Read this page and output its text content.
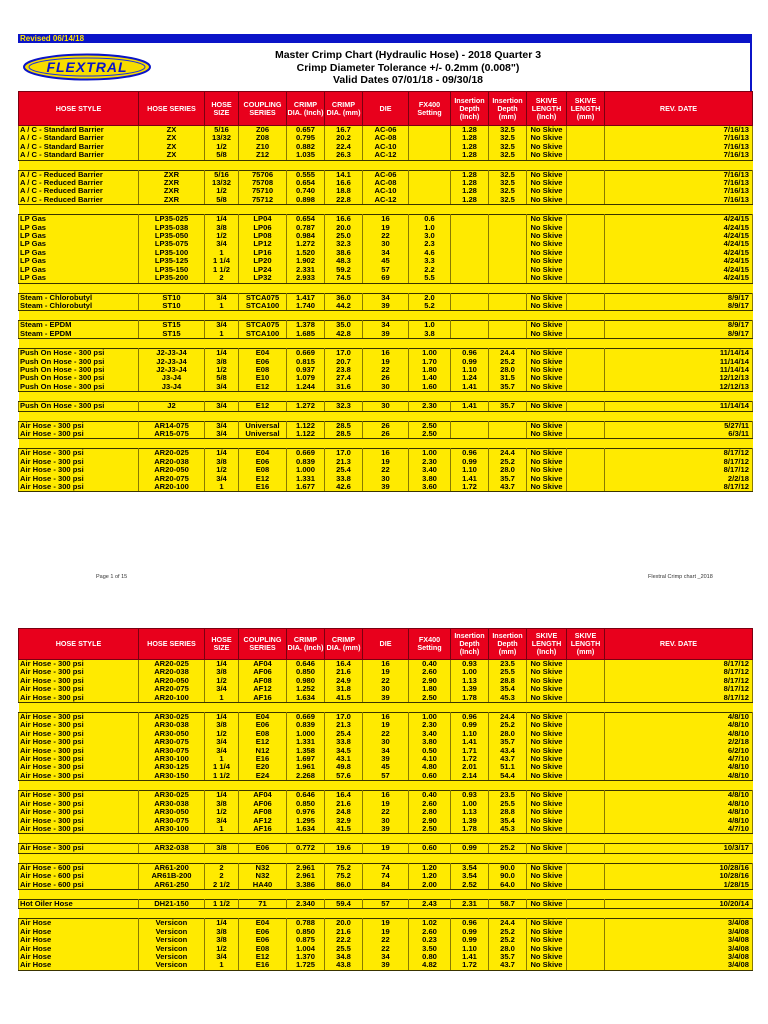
Revised 06/14/18
FLEXTRAL
Master Crimp Chart (Hydraulic Hose) - 2018 Quarter 3
Crimp Diameter Tolerance +/- 0.2mm (0.008")
Valid Dates 07/01/18 - 09/30/18
HOSE STYLE	HOSE SERIES	HOSE SIZE	COUPLING SERIES	CRIMP DIA. (Inch)	CRIMP DIA. (mm)	DIE	FX400 Setting	Insertion Depth (Inch)	Insertion Depth (mm)	SKIVE LENGTH (Inch)	SKIVE LENGTH (mm)	REV. DATE
A / C - Standard Barrier	ZX	5/16	Z06	0.657	16.7	AC-06		1.28	32.5	No Skive		7/16/13
A / C - Standard Barrier	ZX	13/32	Z08	0.795	20.2	AC-08		1.28	32.5	No Skive		7/16/13
A / C - Standard Barrier	ZX	1/2	Z10	0.882	22.4	AC-10		1.28	32.5	No Skive		7/16/13
A / C - Standard Barrier	ZX	5/8	Z12	1.035	26.3	AC-12		1.28	32.5	No Skive		7/16/13

A / C - Reduced Barrier	ZXR	5/16	75706	0.555	14.1	AC-06		1.28	32.5	No Skive		7/16/13
A / C - Reduced Barrier	ZXR	13/32	75708	0.654	16.6	AC-08		1.28	32.5	No Skive		7/16/13
A / C - Reduced Barrier	ZXR	1/2	75710	0.740	18.8	AC-10		1.28	32.5	No Skive		7/16/13
A / C - Reduced Barrier	ZXR	5/8	75712	0.898	22.8	AC-12		1.28	32.5	No Skive		7/16/13

LP Gas	LP35-025	1/4	LP04	0.654	16.6	16	0.6			No Skive		4/24/15
LP Gas	LP35-038	3/8	LP06	0.787	20.0	19	1.0			No Skive		4/24/15
LP Gas	LP35-050	1/2	LP08	0.984	25.0	22	3.0			No Skive		4/24/15
LP Gas	LP35-075	3/4	LP12	1.272	32.3	30	2.3			No Skive		4/24/15
LP Gas	LP35-100	1	LP16	1.520	38.6	34	4.6			No Skive		4/24/15
LP Gas	LP35-125	1 1/4	LP20	1.902	48.3	45	3.3			No Skive		4/24/15
LP Gas	LP35-150	1 1/2	LP24	2.331	59.2	57	2.2			No Skive		4/24/15
LP Gas	LP35-200	2	LP32	2.933	74.5	69	5.5			No Skive		4/24/15

Steam - Chlorobutyl	ST10	3/4	STCA075	1.417	36.0	34	2.0			No Skive		8/9/17
Steam - Chlorobutyl	ST10	1	STCA100	1.740	44.2	39	5.2			No Skive		8/9/17

Steam - EPDM	ST15	3/4	STCA075	1.378	35.0	34	1.0			No Skive		8/9/17
Steam - EPDM	ST15	1	STCA100	1.685	42.8	39	3.8			No Skive		8/9/17

Push On Hose - 300 psi	J2-J3-J4	1/4	E04	0.669	17.0	16	1.00	0.96	24.4	No Skive		11/14/14
Push On Hose - 300 psi	J2-J3-J4	3/8	E06	0.815	20.7	19	1.70	0.99	25.2	No Skive		11/14/14
Push On Hose - 300 psi	J2-J3-J4	1/2	E08	0.937	23.8	22	1.80	1.10	28.0	No Skive		11/14/14
Push On Hose - 300 psi	J3-J4	5/8	E10	1.079	27.4	26	1.40	1.24	31.5	No Skive		12/12/13
Push On Hose - 300 psi	J3-J4	3/4	E12	1.244	31.6	30	1.60	1.41	35.7	No Skive		12/12/13

Push On Hose - 300 psi	J2	3/4	E12	1.272	32.3	30	2.30	1.41	35.7	No Skive		11/14/14

Air Hose - 300 psi	AR14-075	3/4	Universal	1.122	28.5	26	2.50			No Skive		5/27/11
Air Hose - 300 psi	AR15-075	3/4	Universal	1.122	28.5	26	2.50			No Skive		6/3/11

Air Hose - 300 psi	AR20-025	1/4	E04	0.669	17.0	16	1.00	0.96	24.4	No Skive		8/17/12
Air Hose - 300 psi	AR20-038	3/8	E06	0.839	21.3	19	2.30	0.99	25.2	No Skive		8/17/12
Air Hose - 300 psi	AR20-050	1/2	E08	1.000	25.4	22	3.40	1.10	28.0	No Skive		8/17/12
Air Hose - 300 psi	AR20-075	3/4	E12	1.331	33.8	30	3.80	1.41	35.7	No Skive		2/2/18
Air Hose - 300 psi	AR20-100	1	E16	1.677	42.6	39	3.60	1.72	43.7	No Skive		8/17/12
Page 1 of 15	Flextral Crimp chart _2018
HOSE STYLE	HOSE SERIES	HOSE SIZE	COUPLING SERIES	CRIMP DIA. (Inch)	CRIMP DIA. (mm)	DIE	FX400 Setting	Insertion Depth (Inch)	Insertion Depth (mm)	SKIVE LENGTH (Inch)	SKIVE LENGTH (mm)	REV. DATE
Air Hose - 300 psi	AR20-025	1/4	AF04	0.646	16.4	16	0.40	0.93	23.5	No Skive		8/17/12
Air Hose - 300 psi	AR20-038	3/8	AF06	0.850	21.6	19	2.60	1.00	25.5	No Skive		8/17/12
Air Hose - 300 psi	AR20-050	1/2	AF08	0.980	24.9	22	2.90	1.13	28.8	No Skive		8/17/12
Air Hose - 300 psi	AR20-075	3/4	AF12	1.252	31.8	30	1.80	1.39	35.4	No Skive		8/17/12
Air Hose - 300 psi	AR20-100	1	AF16	1.634	41.5	39	2.50	1.78	45.3	No Skive		8/17/12

Air Hose - 300 psi	AR30-025	1/4	E04	0.669	17.0	16	1.00	0.96	24.4	No Skive		4/8/10
Air Hose - 300 psi	AR30-038	3/8	E06	0.839	21.3	19	2.30	0.99	25.2	No Skive		4/8/10
Air Hose - 300 psi	AR30-050	1/2	E08	1.000	25.4	22	3.40	1.10	28.0	No Skive		4/8/10
Air Hose - 300 psi	AR30-075	3/4	E12	1.331	33.8	30	3.80	1.41	35.7	No Skive		2/2/18
Air Hose - 300 psi	AR30-075	3/4	N12	1.358	34.5	34	0.50	1.71	43.4	No Skive		6/2/10
Air Hose - 300 psi	AR30-100	1	E16	1.697	43.1	39	4.10	1.72	43.7	No Skive		4/7/10
Air Hose - 300 psi	AR30-125	1 1/4	E20	1.961	49.8	45	4.80	2.01	51.1	No Skive		4/8/10
Air Hose - 300 psi	AR30-150	1 1/2	E24	2.268	57.6	57	0.60	2.14	54.4	No Skive		4/8/10

Air Hose - 300 psi	AR30-025	1/4	AF04	0.646	16.4	16	0.40	0.93	23.5	No Skive		4/8/10
Air Hose - 300 psi	AR30-038	3/8	AF06	0.850	21.6	19	2.60	1.00	25.5	No Skive		4/8/10
Air Hose - 300 psi	AR30-050	1/2	AF08	0.976	24.8	22	2.80	1.13	28.8	No Skive		4/8/10
Air Hose - 300 psi	AR30-075	3/4	AF12	1.295	32.9	30	2.90	1.39	35.4	No Skive		4/8/10
Air Hose - 300 psi	AR30-100	1	AF16	1.634	41.5	39	2.50	1.78	45.3	No Skive		4/7/10

Air Hose - 300 psi	AR32-038	3/8	E06	0.772	19.6	19	0.60	0.99	25.2	No Skive		10/3/17

Air Hose - 600 psi	AR61-200	2	N32	2.961	75.2	74	1.20	3.54	90.0	No Skive		10/28/16
Air Hose - 600 psi	AR61B-200	2	N32	2.961	75.2	74	1.20	3.54	90.0	No Skive		10/28/16
Air Hose - 600 psi	AR61-250	2 1/2	HA40	3.386	86.0	84	2.00	2.52	64.0	No Skive		1/28/15

Hot Oiler Hose	DH21-150	1 1/2	71	2.340	59.4	57	2.43	2.31	58.7	No Skive		10/20/14

Air Hose	Versicon	1/4	E04	0.788	20.0	19	1.02	0.96	24.4	No Skive		3/4/08
Air Hose	Versicon	3/8	E06	0.850	21.6	19	2.60	0.99	25.2	No Skive		3/4/08
Air Hose	Versicon	3/8	E06	0.875	22.2	22	0.23	0.99	25.2	No Skive		3/4/08
Air Hose	Versicon	1/2	E08	1.004	25.5	22	3.50	1.10	28.0	No Skive		3/4/08
Air Hose	Versicon	3/4	E12	1.370	34.8	34	0.80	1.41	35.7	No Skive		3/4/08
Air Hose	Versicon	1	E16	1.725	43.8	39	4.82	1.72	43.7	No Skive		3/4/08
